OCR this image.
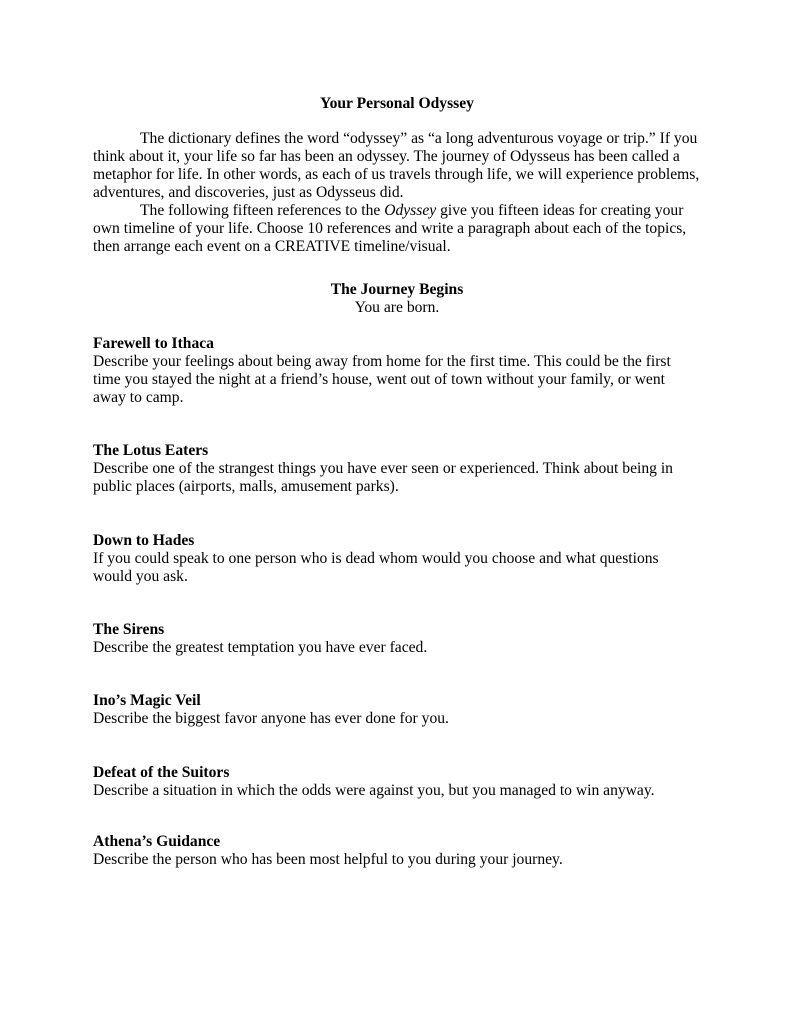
Your Personal Odyssey

The dictionary defines the word “odyssey” as “a long adventurous voyage or trip.” If you think about it, your life so far has been an odyssey. The journey of Odysseus has been called a metaphor for life. In other words, as each of us travels through life, we will experience problems, adventures, and discoveries, just as Odysseus did.

The following fifteen references to the Odyssey give you fifteen ideas for creating your own timeline of your life. Choose 10 references and write a paragraph about each of the topics, then arrange each event on a CREATIVE timeline/visual.

The Journey Begins
You are born.
Farewell to Ithaca
Describe your feelings about being away from home for the first time. This could be the first time you stayed the night at a friend’s house, went out of town without your family, or went away to camp.
The Lotus Eaters
Describe one of the strangest things you have ever seen or experienced. Think about being in public places (airports, malls, amusement parks).
Down to Hades
If you could speak to one person who is dead whom would you choose and what questions would you ask.
The Sirens
Describe the greatest temptation you have ever faced.
Ino’s Magic Veil
Describe the biggest favor anyone has ever done for you.
Defeat of the Suitors
Describe a situation in which the odds were against you, but you managed to win anyway.
Athena’s Guidance
Describe the person who has been most helpful to you during your journey.
